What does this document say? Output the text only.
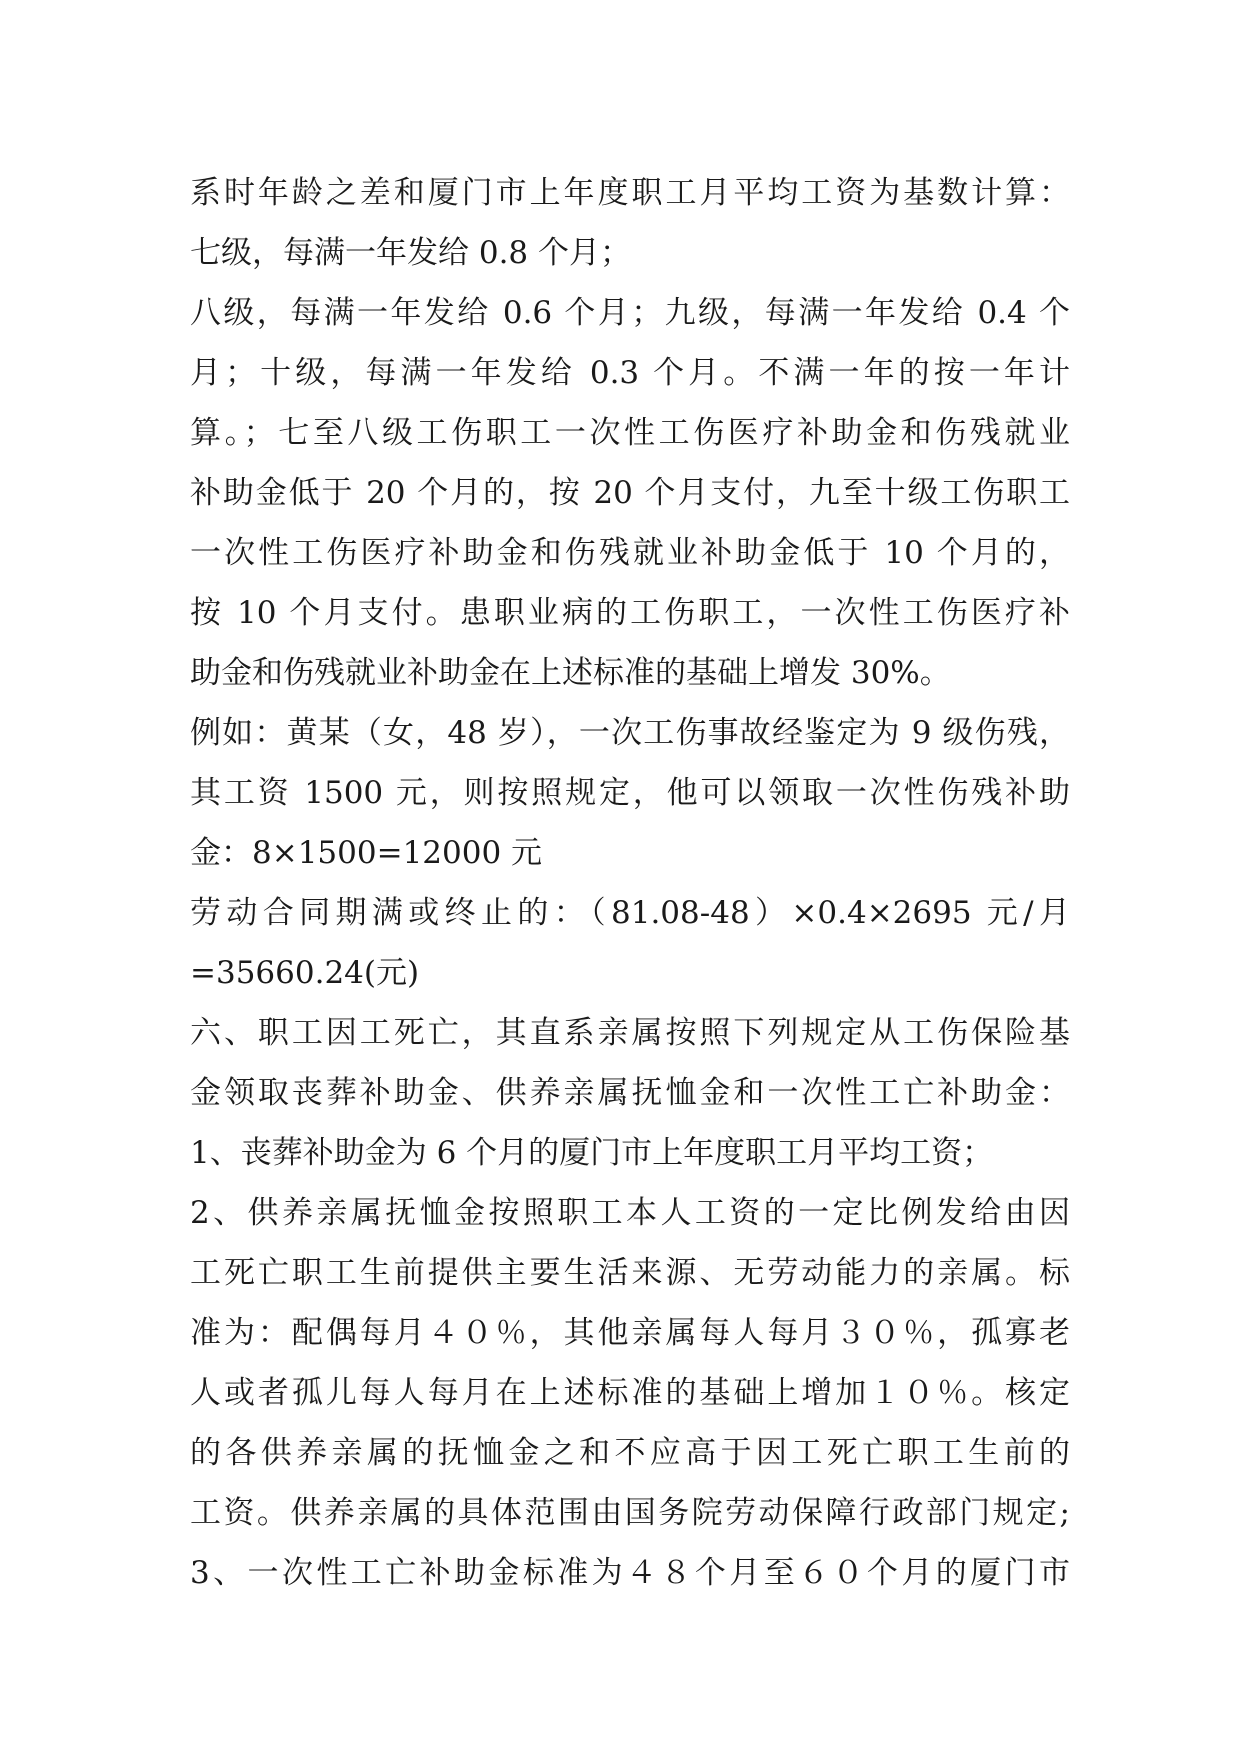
系时年龄之差和厦门市上年度职工月平均工资为基数计算：
七级，每满一年发给 0.8 个月；
八级，每满一年发给 0.6 个月；九级，每满一年发给 0.4 个
月；十级，每满一年发给 0.3 个月。不满一年的按一年计
算。；七至八级工伤职工一次性工伤医疗补助金和伤残就业
补助金低于 20 个月的，按 20 个月支付，九至十级工伤职工
一次性工伤医疗补助金和伤残就业补助金低于 10 个月的，
按 10 个月支付。患职业病的工伤职工，一次性工伤医疗补
助金和伤残就业补助金在上述标准的基础上增发 30%。
例如：黄某（女，48 岁），一次工伤事故经鉴定为 9 级伤残，
其工资 1500 元，则按照规定，他可以领取一次性伤残补助
金：8×1500=12000 元
劳动合同期满或终止的：（81.08-48）×0.4×2695 元/月
=35660.24(元)
六、职工因工死亡，其直系亲属按照下列规定从工伤保险基
金领取丧葬补助金、供养亲属抚恤金和一次性工亡补助金：
1、丧葬补助金为 6 个月的厦门市上年度职工月平均工资；
2、供养亲属抚恤金按照职工本人工资的一定比例发给由因
工死亡职工生前提供主要生活来源、无劳动能力的亲属。标
准为：配偶每月４０％，其他亲属每人每月３０％，孤寡老
人或者孤儿每人每月在上述标准的基础上增加１０％。核定
的各供养亲属的抚恤金之和不应高于因工死亡职工生前的
工资。供养亲属的具体范围由国务院劳动保障行政部门规定;
3、一次性工亡补助金标准为４８个月至６０个月的厦门市
